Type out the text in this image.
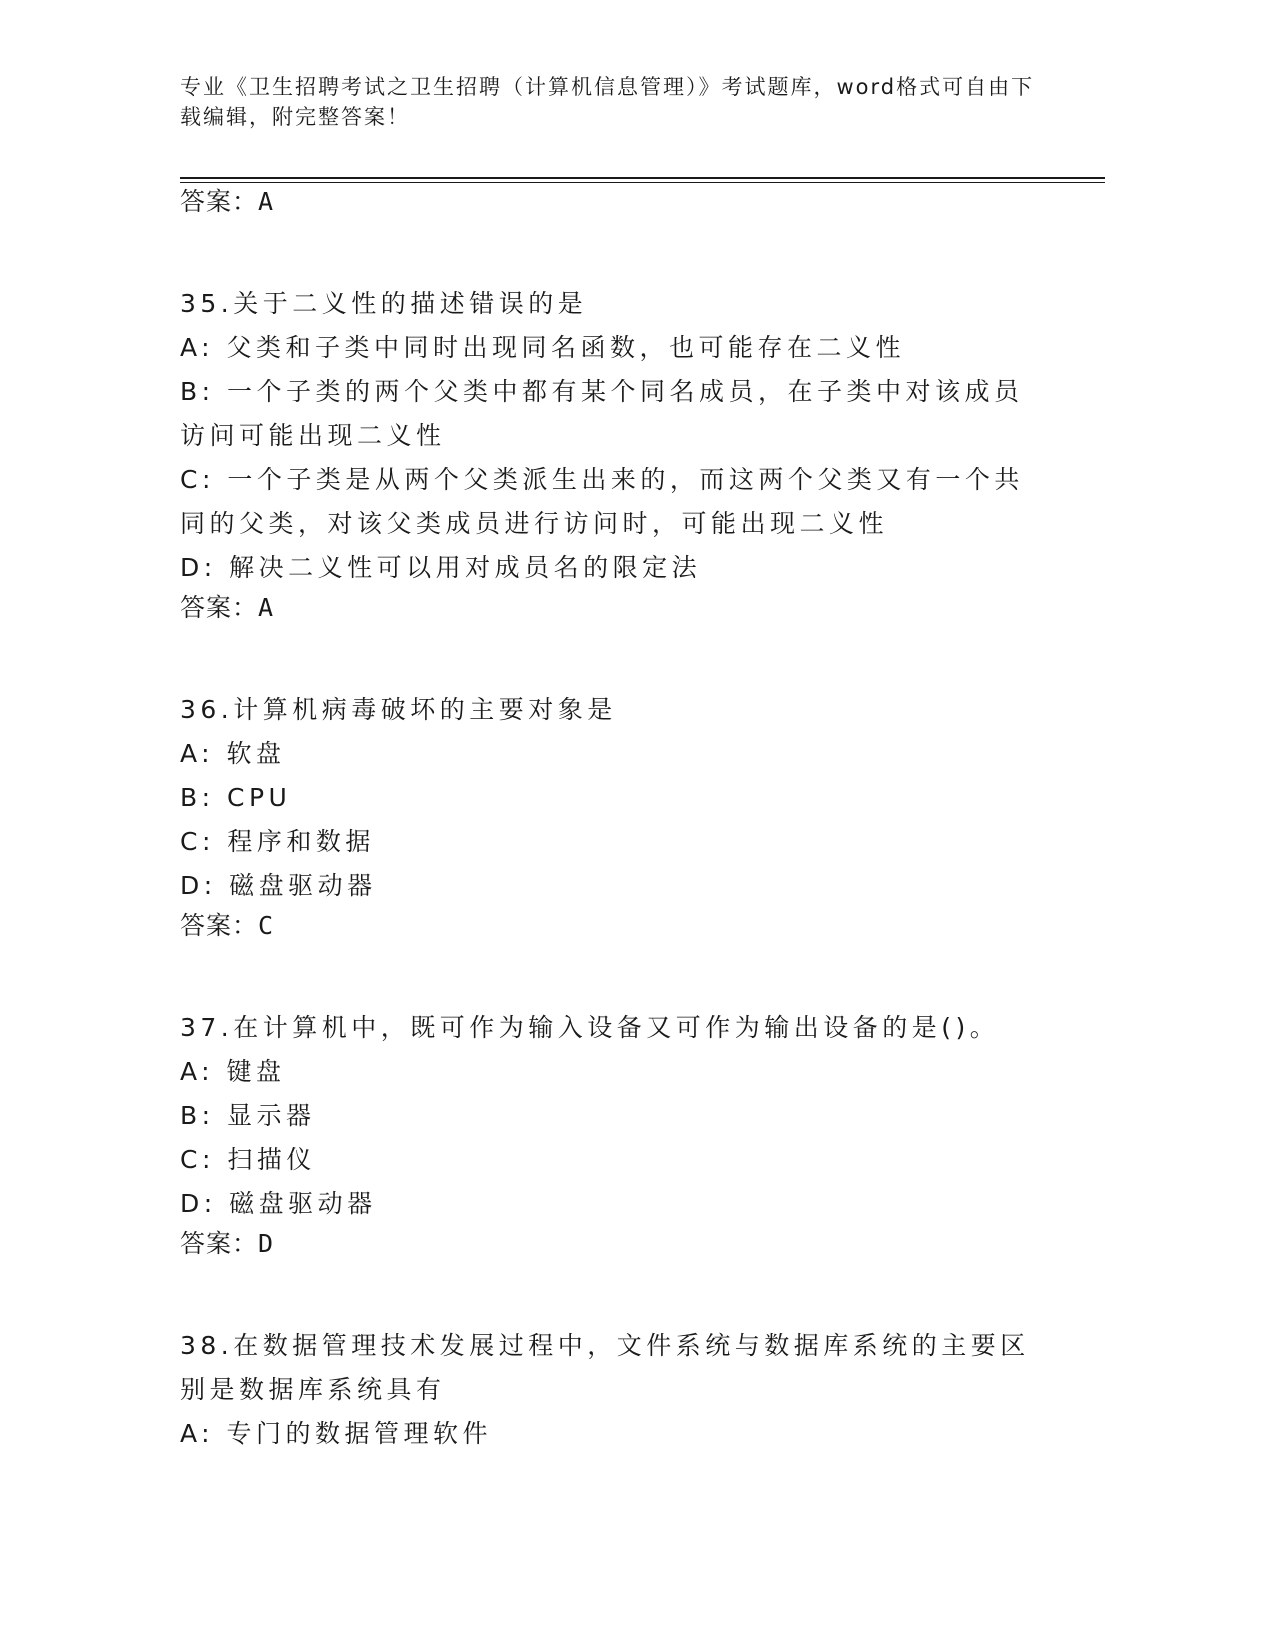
专业《卫生招聘考试之卫生招聘（计算机信息管理）》考试题库，word格式可自由下载编辑，附完整答案！

答案：A

35.关于二义性的描述错误的是

A: 父类和子类中同时出现同名函数，也可能存在二义性

B: 一个子类的两个父类中都有某个同名成员，在子类中对该成员访问可能出现二义性

C: 一个子类是从两个父类派生出来的，而这两个父类又有一个共同的父类，对该父类成员进行访问时，可能出现二义性

D: 解决二义性可以用对成员名的限定法

答案：A

36.计算机病毒破坏的主要对象是

A: 软盘

B: CPU

C: 程序和数据

D: 磁盘驱动器

答案：C

37.在计算机中，既可作为输入设备又可作为输出设备的是()。

A: 键盘

B: 显示器

C: 扫描仪

D: 磁盘驱动器

答案：D

38.在数据管理技术发展过程中，文件系统与数据库系统的主要区别是数据库系统具有

A: 专门的数据管理软件
